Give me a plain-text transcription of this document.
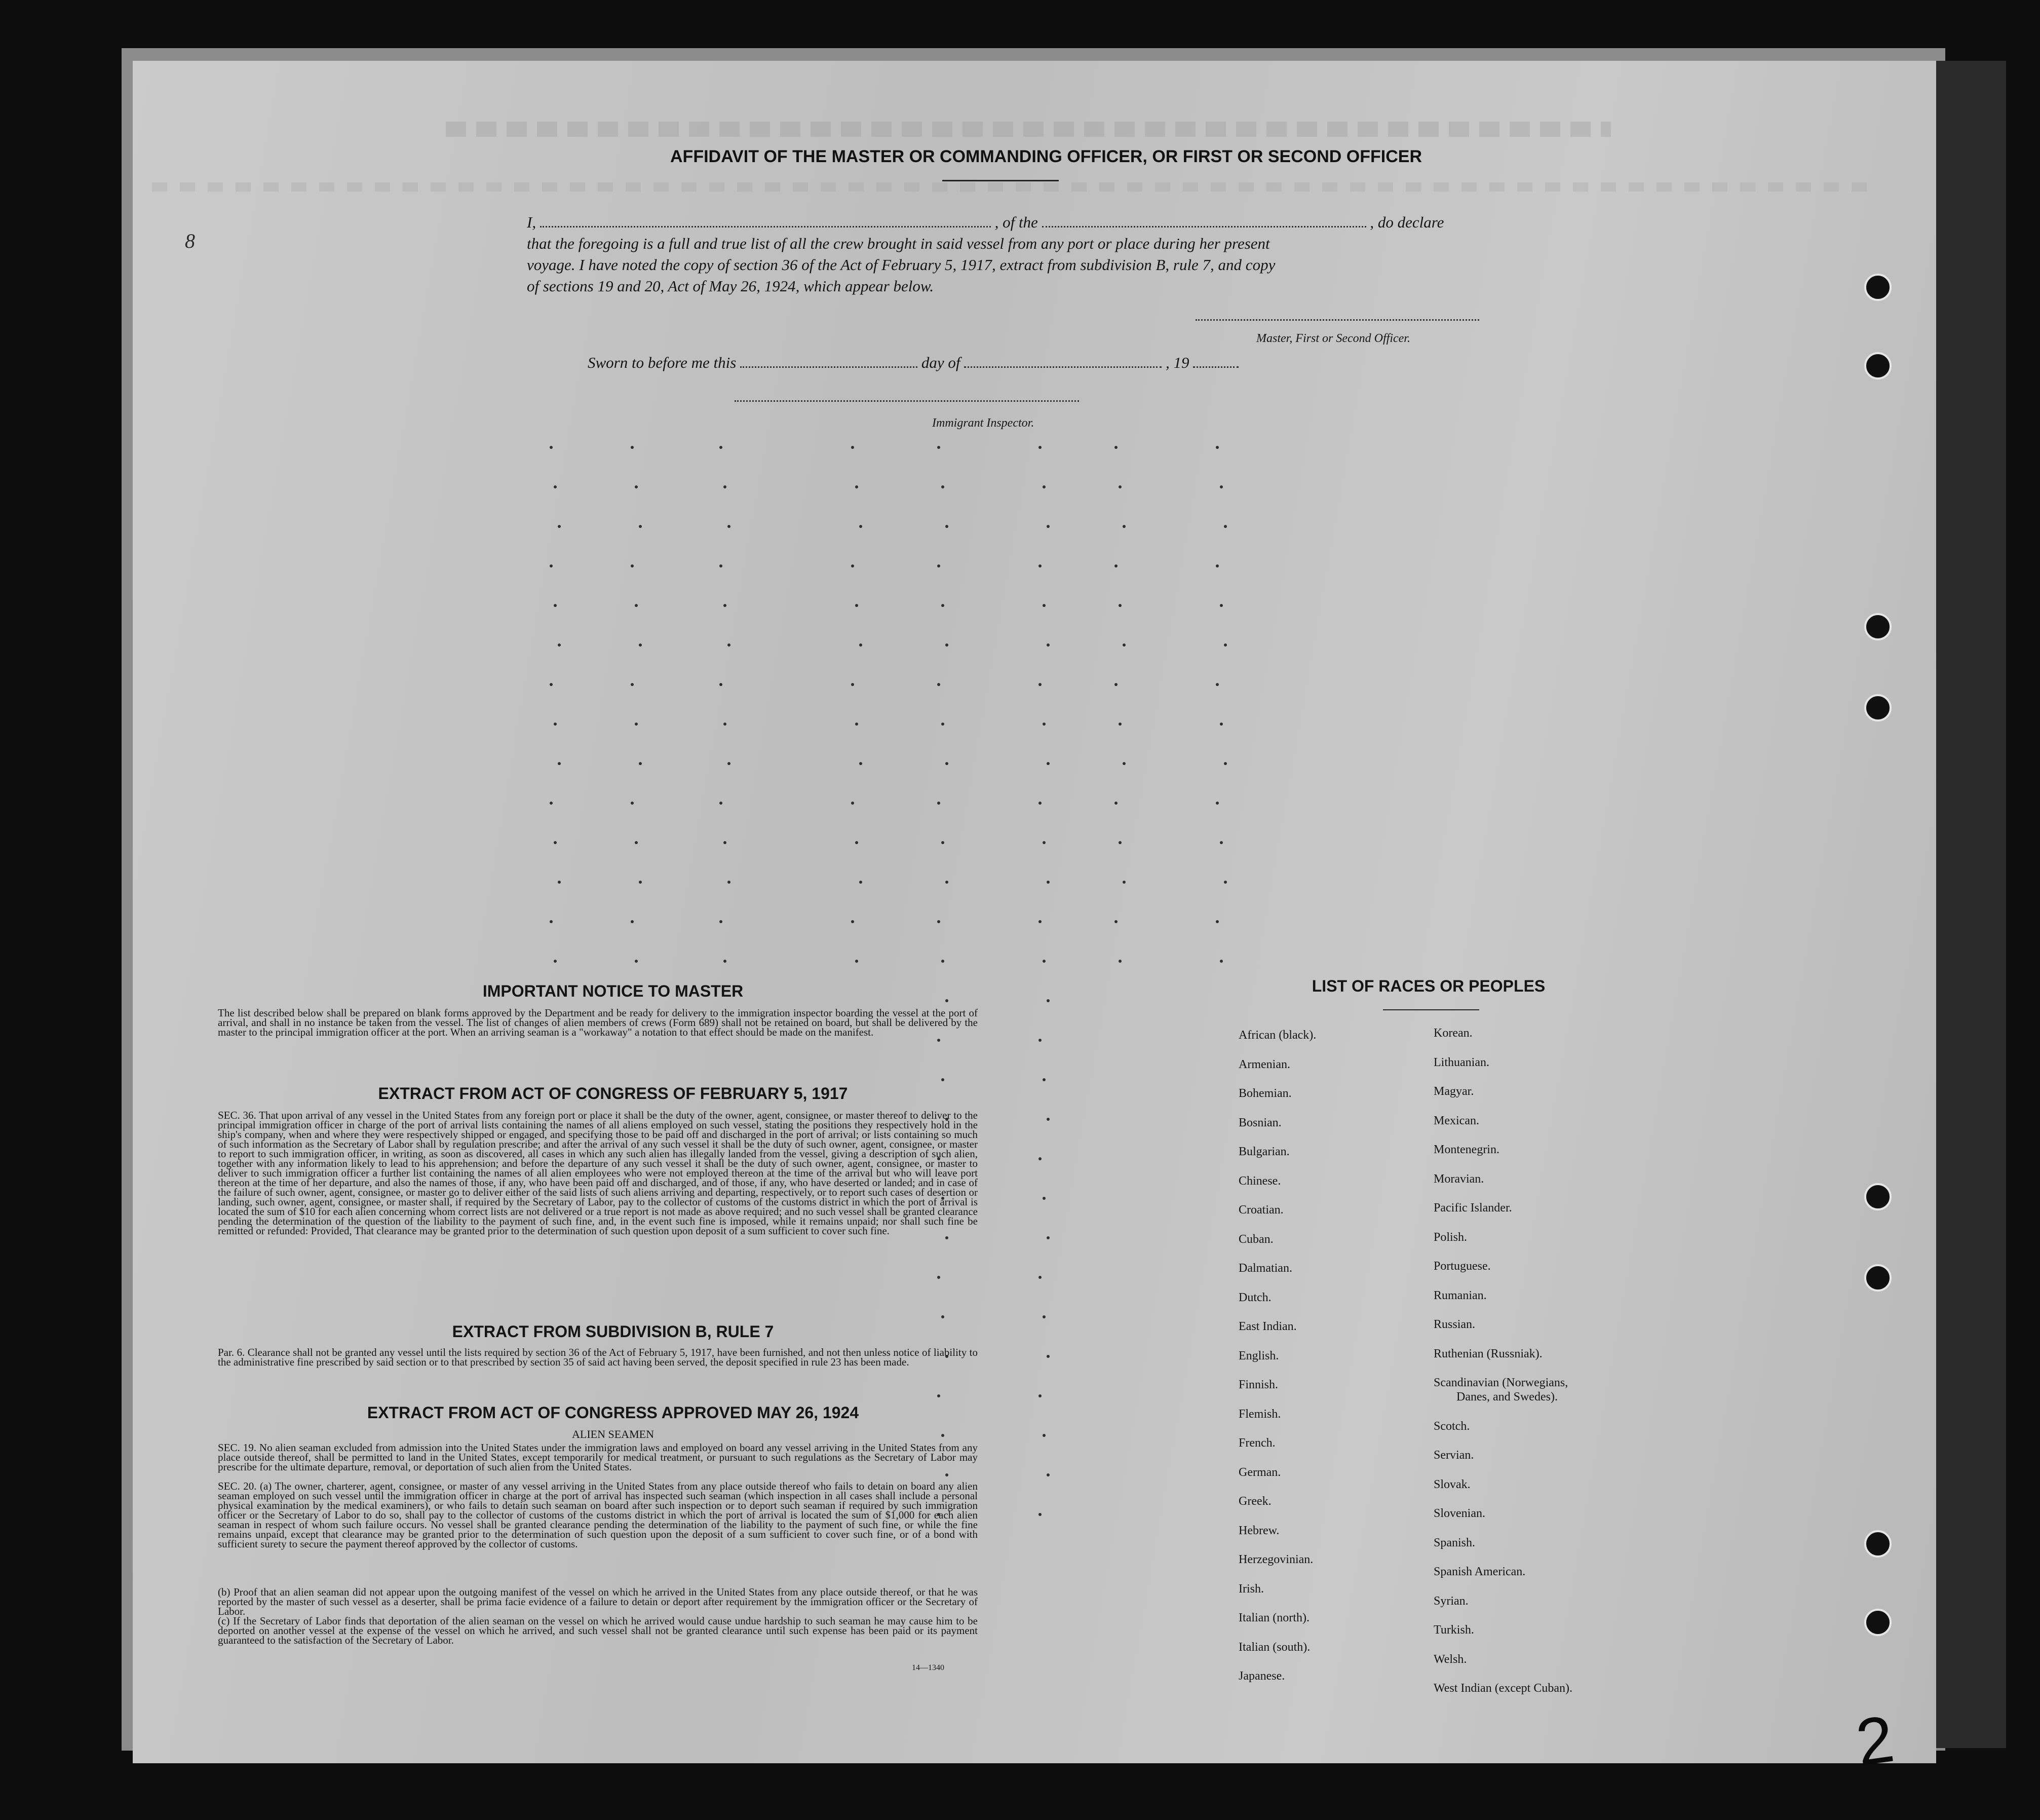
AFFIDAVIT OF THE MASTER OR COMMANDING OFFICER, OR FIRST OR SECOND OFFICER
I,	, of the	, do declare
that the foregoing is a full and true list of all the crew brought in said vessel from any port or place during her present
voyage. I have noted the copy of section 36 of the Act of February 5, 1917, extract from subdivision B, rule 7, and copy
of sections 19 and 20, Act of May 26, 1924, which appear below.
Master, First or Second Officer.
Sworn to before me this	day of	, 19
Immigrant Inspector.
IMPORTANT NOTICE TO MASTER
The list described below shall be prepared on blank forms approved by the Department and be ready for delivery to the immigration inspector boarding the vessel at the port of arrival, and shall in no instance be taken from the vessel. The list of changes of alien members of crews (Form 689) shall not be retained on board, but shall be delivered by the master to the principal immigration officer at the port. When an arriving seaman is a "workaway" a notation to that effect should be made on the manifest.
EXTRACT FROM ACT OF CONGRESS OF FEBRUARY 5, 1917
SEC. 36. That upon arrival of any vessel in the United States from any foreign port or place it shall be the duty of the owner, agent, consignee, or master thereof to deliver to the principal immigration officer in charge of the port of arrival lists containing the names of all aliens employed on such vessel, stating the positions they respectively hold in the ship's company, when and where they were respectively shipped or engaged, and specifying those to be paid off and discharged in the port of arrival; or lists containing so much of such information as the Secretary of Labor shall by regulation prescribe; and after the arrival of any such vessel it shall be the duty of such owner, agent, consignee, or master to report to such immigration officer, in writing, as soon as discovered, all cases in which any such alien has illegally landed from the vessel, giving a description of such alien, together with any information likely to lead to his apprehension; and before the departure of any such vessel it shall be the duty of such owner, agent, consignee, or master to deliver to such immigration officer a further list containing the names of all alien employees who were not employed thereon at the time of the arrival but who will leave port thereon at the time of her departure, and also the names of those, if any, who have been paid off and discharged, and of those, if any, who have deserted or landed; and in case of the failure of such owner, agent, consignee, or master go to deliver either of the said lists of such aliens arriving and departing, respectively, or to report such cases of desertion or landing, such owner, agent, consignee, or master shall, if required by the Secretary of Labor, pay to the collector of customs of the customs district in which the port of arrival is located the sum of $10 for each alien concerning whom correct lists are not delivered or a true report is not made as above required; and no such vessel shall be granted clearance pending the determination of the question of the liability to the payment of such fine, and, in the event such fine is imposed, while it remains unpaid; nor shall such fine be remitted or refunded: Provided, That clearance may be granted prior to the determination of such question upon deposit of a sum sufficient to cover such fine.
EXTRACT FROM SUBDIVISION B, RULE 7
Par. 6. Clearance shall not be granted any vessel until the lists required by section 36 of the Act of February 5, 1917, have been furnished, and not then unless notice of liability to the administrative fine prescribed by said section or to that prescribed by section 35 of said act having been served, the deposit specified in rule 23 has been made.
EXTRACT FROM ACT OF CONGRESS APPROVED MAY 26, 1924
ALIEN SEAMEN
SEC. 19. No alien seaman excluded from admission into the United States under the immigration laws and employed on board any vessel arriving in the United States from any place outside thereof, shall be permitted to land in the United States, except temporarily for medical treatment, or pursuant to such regulations as the Secretary of Labor may prescribe for the ultimate departure, removal, or deportation of such alien from the United States.
SEC. 20. (a) The owner, charterer, agent, consignee, or master of any vessel arriving in the United States from any place outside thereof who fails to detain on board any alien seaman employed on such vessel until the immigration officer in charge at the port of arrival has inspected such seaman (which inspection in all cases shall include a personal physical examination by the medical examiners), or who fails to detain such seaman on board after such inspection or to deport such seaman if required by such immigration officer or the Secretary of Labor to do so, shall pay to the collector of customs of the customs district in which the port of arrival is located the sum of $1,000 for each alien seaman in respect of whom such failure occurs. No vessel shall be granted clearance pending the determination of the liability to the payment of such fine, or while the fine remains unpaid, except that clearance may be granted prior to the determination of such question upon the deposit of a sum sufficient to cover such fine, or of a bond with sufficient surety to secure the payment thereof approved by the collector of customs.
(b) Proof that an alien seaman did not appear upon the outgoing manifest of the vessel on which he arrived in the United States from any place outside thereof, or that he was reported by the master of such vessel as a deserter, shall be prima facie evidence of a failure to detain or deport after requirement by the immigration officer or the Secretary of Labor.
(c) If the Secretary of Labor finds that deportation of the alien seaman on the vessel on which he arrived would cause undue hardship to such seaman he may cause him to be deported on another vessel at the expense of the vessel on which he arrived, and such vessel shall not be granted clearance until such expense has been paid or its payment guaranteed to the satisfaction of the Secretary of Labor.
14—1340
LIST OF RACES OR PEOPLES
African (black).
Armenian.
Bohemian.
Bosnian.
Bulgarian.
Chinese.
Croatian.
Cuban.
Dalmatian.
Dutch.
East Indian.
English.
Finnish.
Flemish.
French.
German.
Greek.
Hebrew.
Herzegovinian.
Irish.
Italian (north).
Italian (south).
Japanese.
Korean.
Lithuanian.
Magyar.
Mexican.
Montenegrin.
Moravian.
Pacific Islander.
Polish.
Portuguese.
Rumanian.
Russian.
Ruthenian (Russniak).
Scandinavian (Norwegians,
Danes, and Swedes).
Scotch.
Servian.
Slovak.
Slovenian.
Spanish.
Spanish American.
Syrian.
Turkish.
Welsh.
West Indian (except Cuban).
8
2
